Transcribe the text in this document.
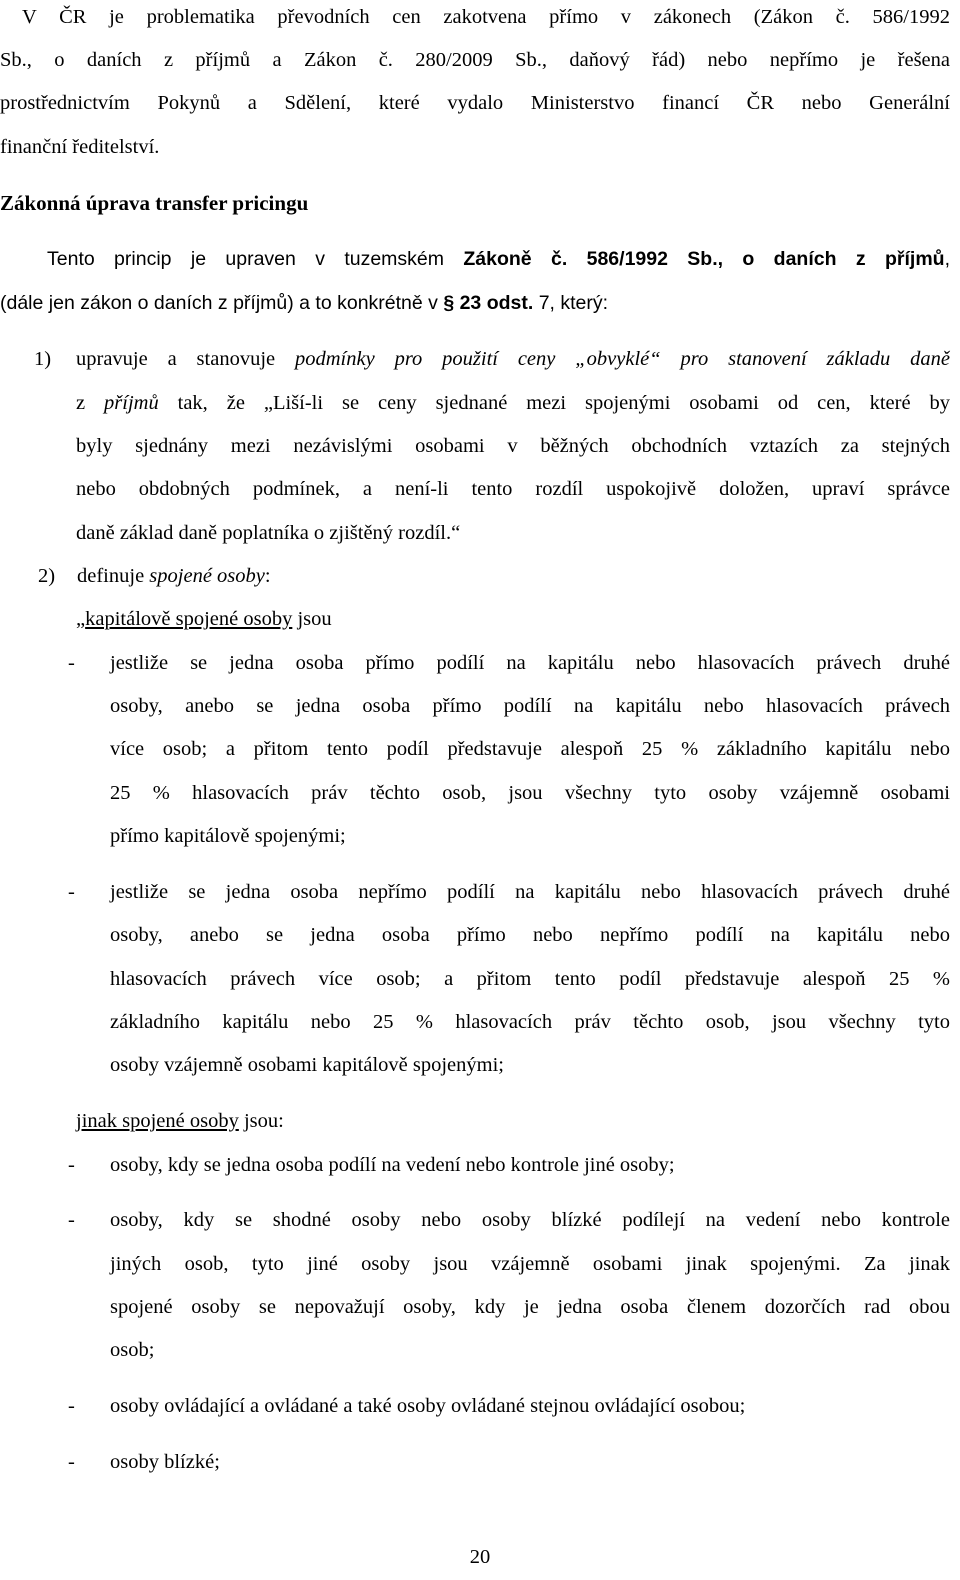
V ČR je problematika převodních cen zakotvena přímo v zákonech (Zákon č. 586/1992
Sb., o daních z příjmů a Zákon č. 280/2009 Sb., daňový řád) nebo nepřímo je řešena
prostřednictvím Pokynů a Sdělení, které vydalo Ministerstvo financí ČR nebo Generální
finanční ředitelství.
Zákonná úprava transfer pricingu
Tento princip je upraven v tuzemském Zákoně č. 586/1992 Sb., o daních z příjmů,
(dále jen zákon o daních z příjmů) a to konkrétně v § 23 odst. 7, který:
1) upravuje a stanovuje podmínky pro použití ceny „obvyklé“ pro stanovení základu daně
z příjmů tak, že „Liší-li se ceny sjednané mezi spojenými osobami od cen, které by
byly sjednány mezi nezávislými osobami v běžných obchodních vztazích za stejných
nebo obdobných podmínek, a není-li tento rozdíl uspokojivě doložen, upraví správce
daně základ daně poplatníka o zjištěný rozdíl.“
2) definuje spojené osoby:
„kapitálově spojené osoby jsou
- jestliže se jedna osoba přímo podílí na kapitálu nebo hlasovacích právech druhé
osoby, anebo se jedna osoba přímo podílí na kapitálu nebo hlasovacích právech
více osob; a přitom tento podíl představuje alespoň 25 % základního kapitálu nebo
25 % hlasovacích práv těchto osob, jsou všechny tyto osoby vzájemně osobami
přímo kapitálově spojenými;
- jestliže se jedna osoba nepřímo podílí na kapitálu nebo hlasovacích právech druhé
osoby, anebo se jedna osoba přímo nebo nepřímo podílí na kapitálu nebo
hlasovacích právech více osob; a přitom tento podíl představuje alespoň 25 %
základního kapitálu nebo 25 % hlasovacích práv těchto osob, jsou všechny tyto
osoby vzájemně osobami kapitálově spojenými;
jinak spojené osoby jsou:
- osoby, kdy se jedna osoba podílí na vedení nebo kontrole jiné osoby;
- osoby, kdy se shodné osoby nebo osoby blízké podílejí na vedení nebo kontrole
jiných osob, tyto jiné osoby jsou vzájemně osobami jinak spojenými. Za jinak
spojené osoby se nepovažují osoby, kdy je jedna osoba členem dozorčích rad obou
osob;
- osoby ovládající a ovládané a také osoby ovládané stejnou ovládající osobou;
- osoby blízké;
20
